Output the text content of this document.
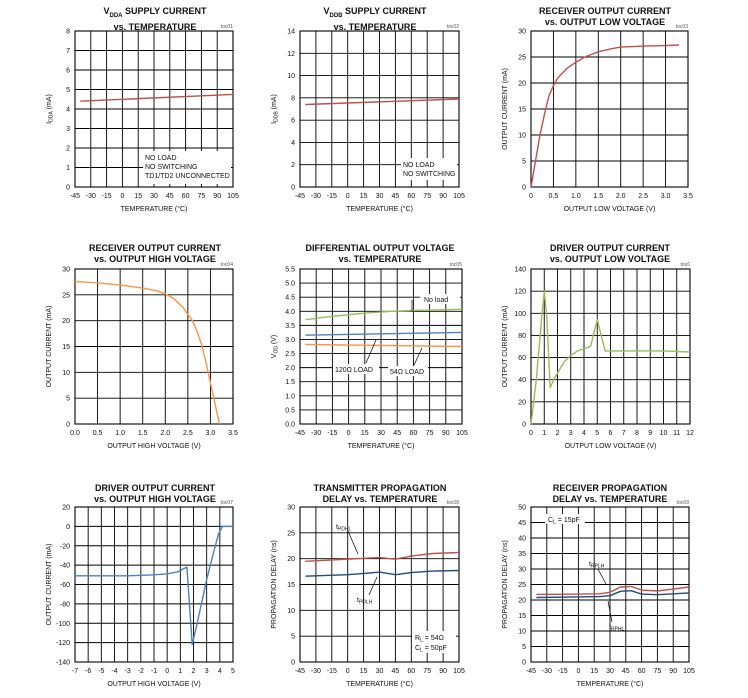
$V_{DDA}$ SUPPLY CURRENT
vs. TEMPERATURE
$V_{DDB}$ SUPPLY CURRENT
vs. TEMPERATURE
RECEIVER OUTPUT CURRENT
vs. OUTPUT LOW VOLTAGE
RECEIVER OUTPUT CURRENT
vs. OUTPUT HIGH VOLTAGE
DIFFERENTIAL OUTPUT VOLTAGE
vs. TEMPERATURE
DRIVER OUTPUT CURRENT
vs. OUTPUT LOW VOLTAGE
DRIVER OUTPUT CURRENT
vs. OUTPUT HIGH VOLTAGE
TRANSMITTER PROPAGATION
DELAY vs. TEMPERATURE
RECEIVER PROPAGATION
DELAY vs. TEMPERATURE
-45 -30 -15 0 15 30 45 60 75 90 105
0
1
2
3
4
5
6
7
8
toc01
TEMPERATURE (°C)
$I_{DDA}$ (mA)
-45 -30 -15 0 15 30 45 60 75 90 105
0
2
4
6
8
10
12
14
toc02
TEMPERATURE (°C)
$I_{DDB}$ (mA)
0 0.5 1.0 1.5 2.0 2.5 3.0 3.5
0
5
10
15
20
25
30
toc03
OUTPUT LOW VOLTAGE (V)
OUTPUT CURRENT (mA)
0.0 0.5 1.0 1.5 2.0 2.5 3.0 3.5
0
5
10
15
20
25
30
toc04
OUTPUT HIGH VOLTAGE (V)
OUTPUT CURRENT (mA)
-45 -30 -15 0 15 30 45 60 75 90 105
0.0
0.5
1.0
1.5
2.0
2.5
3.0
3.5
4.0
4.5
5.0
5.5
toc05
TEMPERATURE (°C)
$V_{OD}$ (V)
0 1 2 3 4 5 6 7 8 9 10 11 12
0
20
40
60
80
100
120
140
toc6
OUTPUT LOW VOLTAGE (V)
OUTPUT CURRENT (mA)
-7 -6 -5 -4 -3 -2 -1 0 1 2 3 4 5
-140
-120
-100
-80
-60
-40
-20
0
20
toc07
OUTPUT HIGH VOLTAGE (V)
OUTPUT CURRENT (mA)
-45 -30 -15 0 15 30 45 60 75 90 105
0
5
10
15
20
25
30
toc08
TEMPERATURE (°C)
PROPAGATION DELAY (ns)
-45 -30 -15 0 15 30 45 60 75 90 105
0
5
10
15
20
25
30
35
40
45
50
toc09
TEMPERATURE (°C)
PROPAGATION DELAY (ns)
NO LOAD
NO SWITCHING
TD1/TD2 UNCONNECTED
NO LOAD
NO SWITCHING
No load
120Ω LOAD 54Ω LOAD
$t_{PDHL}$
$t_{PDLH}$
$R_L = 54\Omega$
$C_L = 50pF$
$C_L = 15pF$
$t_{RPLH}$
$t_{RPHL}$
